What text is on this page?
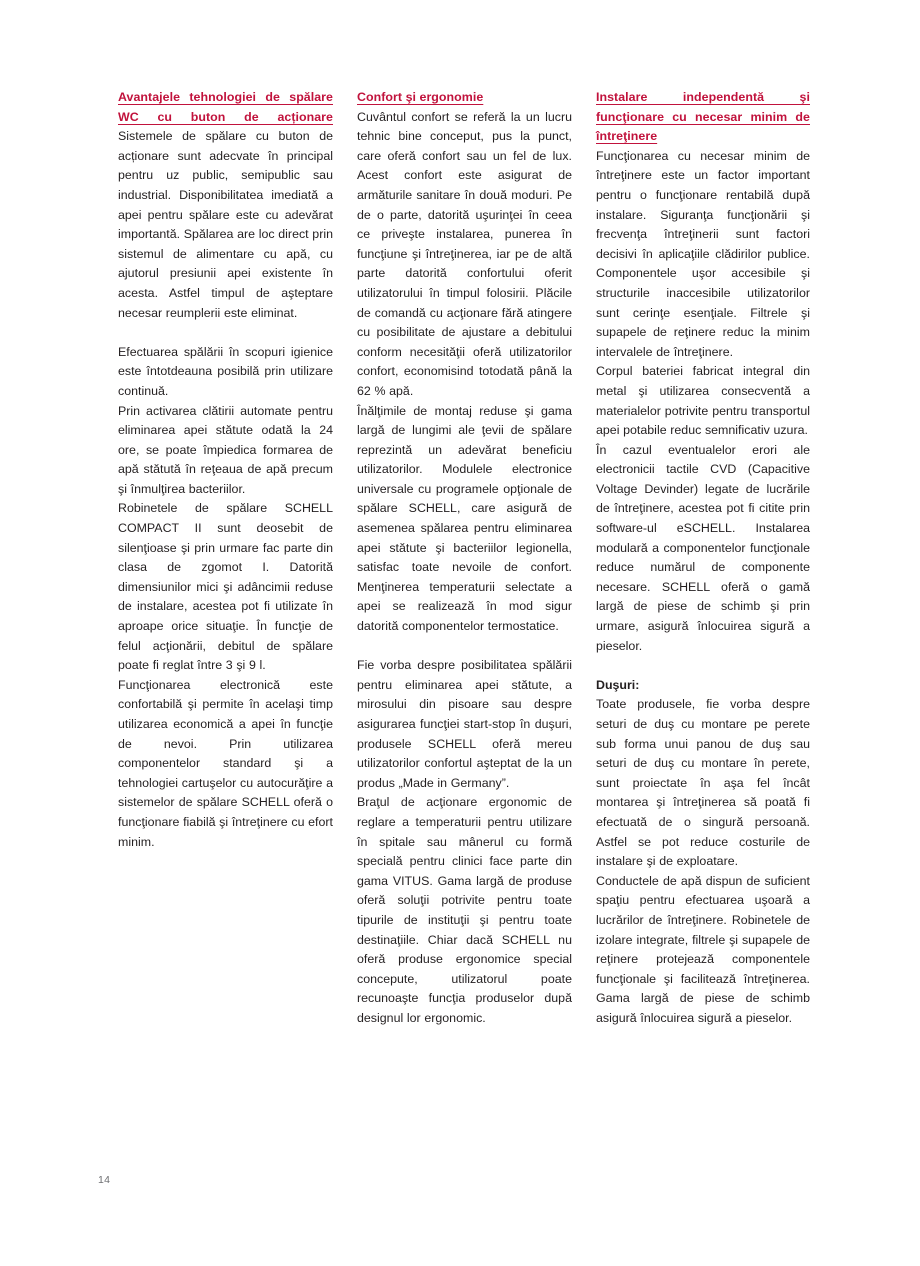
Avantajele tehnologiei de spălare WC cu buton de acționare

Sistemele de spălare cu buton de acționare sunt adecvate în principal pentru uz public, semipublic sau industrial. Disponibilitatea imediată a apei pentru spălare este cu adevărat importantă. Spălarea are loc direct prin sistemul de alimentare cu apă, cu ajutorul presiunii apei existente în acesta. Astfel timpul de aşteptare necesar reumplerii este eliminat.

Efectuarea spălării în scopuri igienice este întotdeauna posibilă prin utilizare continuă.

Prin activarea clătirii automate pentru eliminarea apei stătute odată la 24 ore, se poate împiedica formarea de apă stătută în reţeaua de apă precum şi înmulţirea bacteriilor.

Robinetele de spălare SCHELL COMPACT II sunt deosebit de silenţioase şi prin urmare fac parte din clasa de zgomot I. Datorită dimensiunilor mici şi adâncimii reduse de instalare, acestea pot fi utilizate în aproape orice situaţie. În funcţie de felul acţionării, debitul de spălare poate fi reglat între 3 şi 9 l.

Funcţionarea electronică este confortabilă şi permite în acelaşi timp utilizarea economică a apei în funcţie de nevoi. Prin utilizarea componentelor standard şi a tehnologiei cartuşelor cu autocurăţire a sistemelor de spălare SCHELL oferă o funcţionare fiabilă şi întreţinere cu efort minim.

Confort şi ergonomie

Cuvântul confort se referă la un lucru tehnic bine conceput, pus la punct, care oferă confort sau un fel de lux. Acest confort este asigurat de armăturile sanitare în două moduri. Pe de o parte, datorită uşurinţei în ceea ce priveşte instalarea, punerea în funcţiune şi întreţinerea, iar pe de altă parte datorită confortului oferit utilizatorului în timpul folosirii. Plăcile de comandă cu acţionare fără atingere cu posibilitate de ajustare a debitului conform necesităţii oferă utilizatorilor confort, economisind totodată până la 62 % apă.

Înălţimile de montaj reduse şi gama largă de lungimi ale ţevii de spălare reprezintă un adevărat beneficiu utilizatorilor. Modulele electronice universale cu programele opţionale de spălare SCHELL, care asigură de asemenea spălarea pentru eliminarea apei stătute şi bacteriilor legionella, satisfac toate nevoile de confort. Menţinerea temperaturii selectate a apei se realizează în mod sigur datorită componentelor termostatice.

Fie vorba despre posibilitatea spălării pentru eliminarea apei stătute, a mirosului din pisoare sau despre asigurarea funcţiei start-stop în duşuri, produsele SCHELL oferă mereu utilizatorilor confortul aşteptat de la un produs „Made in Germany”.

Braţul de acţionare ergonomic de reglare a temperaturii pentru utilizare în spitale sau mânerul cu formă specială pentru clinici face parte din gama VITUS. Gama largă de produse oferă soluţii potrivite pentru toate tipurile de instituţii şi pentru toate destinaţiile. Chiar dacă SCHELL nu oferă produse ergonomice special concepute, utilizatorul poate recunoaşte funcţia produselor după designul lor ergonomic.

Instalare independentă şi funcţionare cu necesar minim de întreţinere

Funcţionarea cu necesar minim de întreţinere este un factor important pentru o funcţionare rentabilă după instalare. Siguranţa funcţionării şi frecvenţa întreţinerii sunt factori decisivi în aplicaţiile clădirilor publice. Componentele uşor accesibile şi structurile inaccesibile utilizatorilor sunt cerinţe esenţiale. Filtrele şi supapele de reţinere reduc la minim intervalele de întreţinere.

Corpul bateriei fabricat integral din metal şi utilizarea consecventă a materialelor potrivite pentru transportul apei potabile reduc semnificativ uzura.

În cazul eventualelor erori ale electronicii tactile CVD (Capacitive Voltage Devinder) legate de lucrările de întreţinere, acestea pot fi citite prin software-ul eSCHELL. Instalarea modulară a componentelor funcţionale reduce numărul de componente necesare. SCHELL oferă o gamă largă de piese de schimb şi prin urmare, asigură înlocuirea sigură a pieselor.

Duşuri:

Toate produsele, fie vorba despre seturi de duş cu montare pe perete sub forma unui panou de duş sau seturi de duş cu montare în perete, sunt proiectate în aşa fel încât montarea şi întreţinerea să poată fi efectuată de o singură persoană. Astfel se pot reduce costurile de instalare şi de exploatare.

Conductele de apă dispun de suficient spaţiu pentru efectuarea uşoară a lucrărilor de întreţinere. Robinetele de izolare integrate, filtrele şi supapele de reţinere protejează componentele funcţionale şi facilitează întreţinerea. Gama largă de piese de schimb asigură înlocuirea sigură a pieselor.

14
